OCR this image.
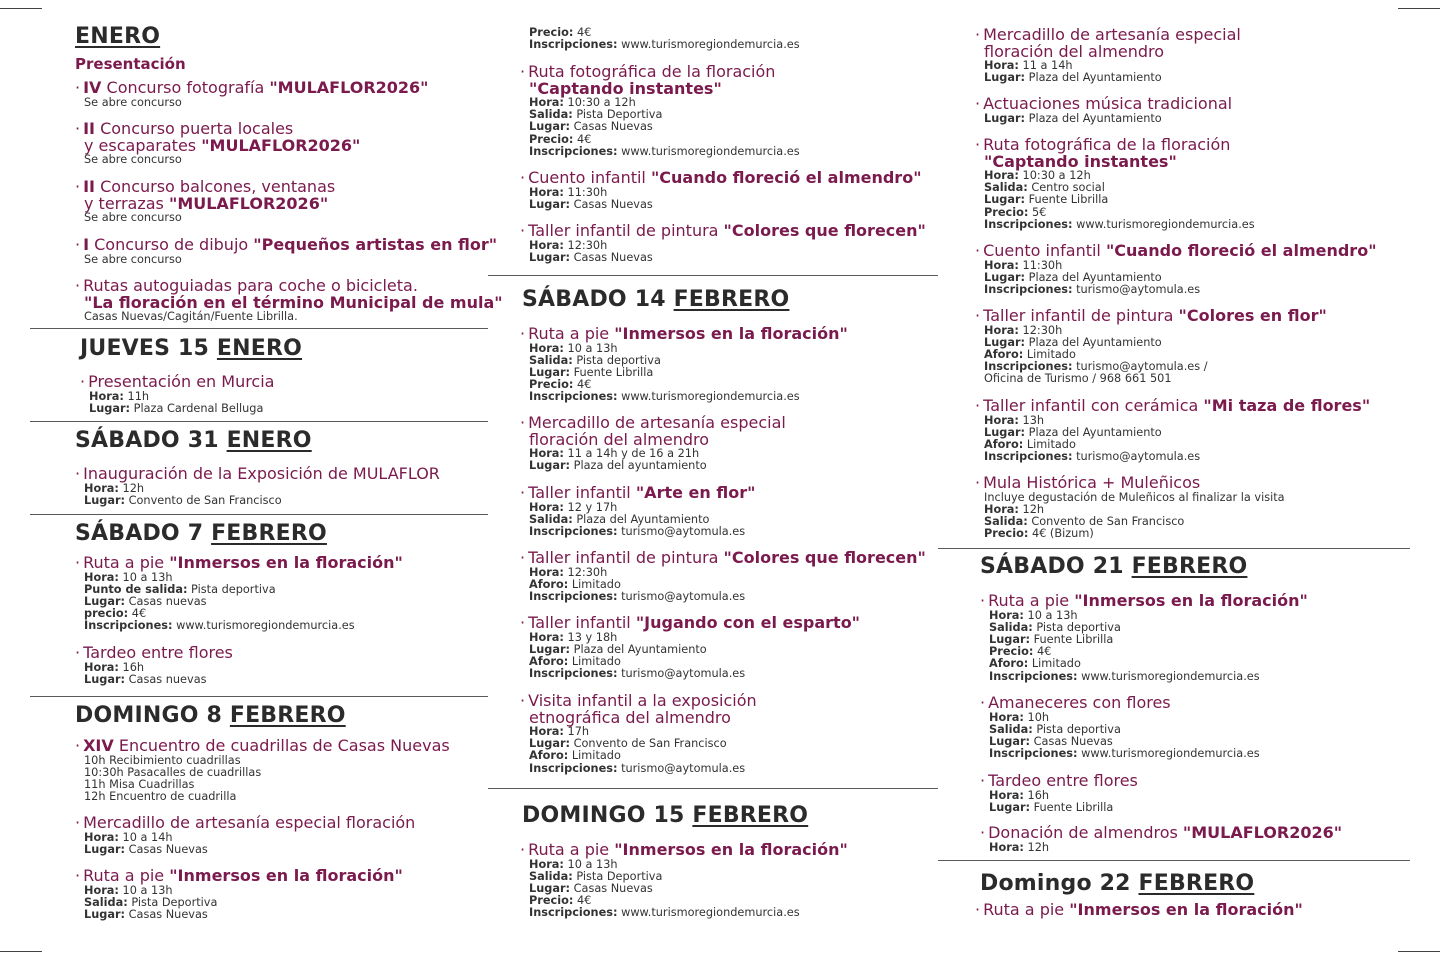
ENERO
Presentación
· IV Concurso fotografía "MULAFLOR2026"
Se abre concurso
· II Concurso puerta locales
y escaparates "MULAFLOR2026"
Se abre concurso
· II Concurso balcones, ventanas
y terrazas "MULAFLOR2026"
Se abre concurso
· I Concurso de dibujo "Pequeños artistas en flor"
Se abre concurso
· Rutas autoguiadas para coche o bicicleta.
"La floración en el término Municipal de mula"
Casas Nuevas/Cagitán/Fuente Librilla.
JUEVES 15 ENERO
· Presentación en Murcia
Hora: 11h
Lugar: Plaza Cardenal Belluga
SÁBADO 31 ENERO
· Inauguración de la Exposición de MULAFLOR
Hora: 12h
Lugar: Convento de San Francisco
SÁBADO 7 FEBRERO
· Ruta a pie "Inmersos en la floración"
Hora: 10 a 13h
Punto de salida: Pista deportiva
Lugar: Casas nuevas
precio: 4€
Inscripciones: www.turismoregiondemurcia.es
· Tardeo entre flores
Hora: 16h
Lugar: Casas nuevas
DOMINGO 8 FEBRERO
· XIV Encuentro de cuadrillas de Casas Nuevas
10h Recibimiento cuadrillas
10:30h Pasacalles de cuadrillas
11h Misa Cuadrillas
12h Encuentro de cuadrilla
· Mercadillo de artesanía especial floración
Hora: 10 a 14h
Lugar: Casas Nuevas
· Ruta a pie "Inmersos en la floración"
Hora: 10 a 13h
Salida: Pista Deportiva
Lugar: Casas Nuevas
Precio: 4€
Inscripciones: www.turismoregiondemurcia.es
· Ruta fotográfica de la floración
"Captando instantes"
Hora: 10:30 a 12h
Salida: Pista Deportiva
Lugar: Casas Nuevas
Precio: 4€
Inscripciones: www.turismoregiondemurcia.es
· Cuento infantil "Cuando floreció el almendro"
Hora: 11:30h
Lugar: Casas Nuevas
· Taller infantil de pintura "Colores que florecen"
Hora: 12:30h
Lugar: Casas Nuevas
SÁBADO 14 FEBRERO
· Ruta a pie "Inmersos en la floración"
Hora: 10 a 13h
Salida: Pista deportiva
Lugar: Fuente Librilla
Precio: 4€
Inscripciones: www.turismoregiondemurcia.es
· Mercadillo de artesanía especial
floración del almendro
Hora: 11 a 14h y de 16 a 21h
Lugar: Plaza del ayuntamiento
· Taller infantil "Arte en flor"
Hora: 12 y 17h
Salida: Plaza del Ayuntamiento
Inscripciones: turismo@aytomula.es
· Taller infantil de pintura "Colores que florecen"
Hora: 12:30h
Aforo: Limitado
Inscripciones: turismo@aytomula.es
· Taller infantil "Jugando con el esparto"
Hora: 13 y 18h
Lugar: Plaza del Ayuntamiento
Aforo: Limitado
Inscripciones: turismo@aytomula.es
· Visita infantil a la exposición
etnográfica del almendro
Hora: 17h
Lugar: Convento de San Francisco
Aforo: Limitado
Inscripciones: turismo@aytomula.es
DOMINGO 15 FEBRERO
· Ruta a pie "Inmersos en la floración"
Hora: 10 a 13h
Salida: Pista Deportiva
Lugar: Casas Nuevas
Precio: 4€
Inscripciones: www.turismoregiondemurcia.es
· Mercadillo de artesanía especial
floración del almendro
Hora: 11 a 14h
Lugar: Plaza del Ayuntamiento
· Actuaciones música tradicional
Lugar: Plaza del Ayuntamiento
· Ruta fotográfica de la floración
"Captando instantes"
Hora: 10:30 a 12h
Salida: Centro social
Lugar: Fuente Librilla
Precio: 5€
Inscripciones: www.turismoregiondemurcia.es
· Cuento infantil "Cuando floreció el almendro"
Hora: 11:30h
Lugar: Plaza del Ayuntamiento
Inscripciones: turismo@aytomula.es
· Taller infantil de pintura "Colores en flor"
Hora: 12:30h
Lugar: Plaza del Ayuntamiento
Aforo: Limitado
Inscripciones: turismo@aytomula.es /
Oficina de Turismo / 968 661 501
· Taller infantil con cerámica "Mi taza de flores"
Hora: 13h
Lugar: Plaza del Ayuntamiento
Aforo: Limitado
Inscripciones: turismo@aytomula.es
· Mula Histórica + Muleñicos
Incluye degustación de Muleñicos al finalizar la visita
Hora: 12h
Salida: Convento de San Francisco
Precio: 4€ (Bizum)
SÁBADO 21 FEBRERO
· Ruta a pie "Inmersos en la floración"
Hora: 10 a 13h
Salida: Pista deportiva
Lugar: Fuente Librilla
Precio: 4€
Aforo: Limitado
Inscripciones: www.turismoregiondemurcia.es
· Amaneceres con flores
Hora: 10h
Salida: Pista deportiva
Lugar: Casas Nuevas
Inscripciones: www.turismoregiondemurcia.es
· Tardeo entre flores
Hora: 16h
Lugar: Fuente Librilla
· Donación de almendros "MULAFLOR2026"
Hora: 12h
Domingo 22 FEBRERO
· Ruta a pie "Inmersos en la floración"
